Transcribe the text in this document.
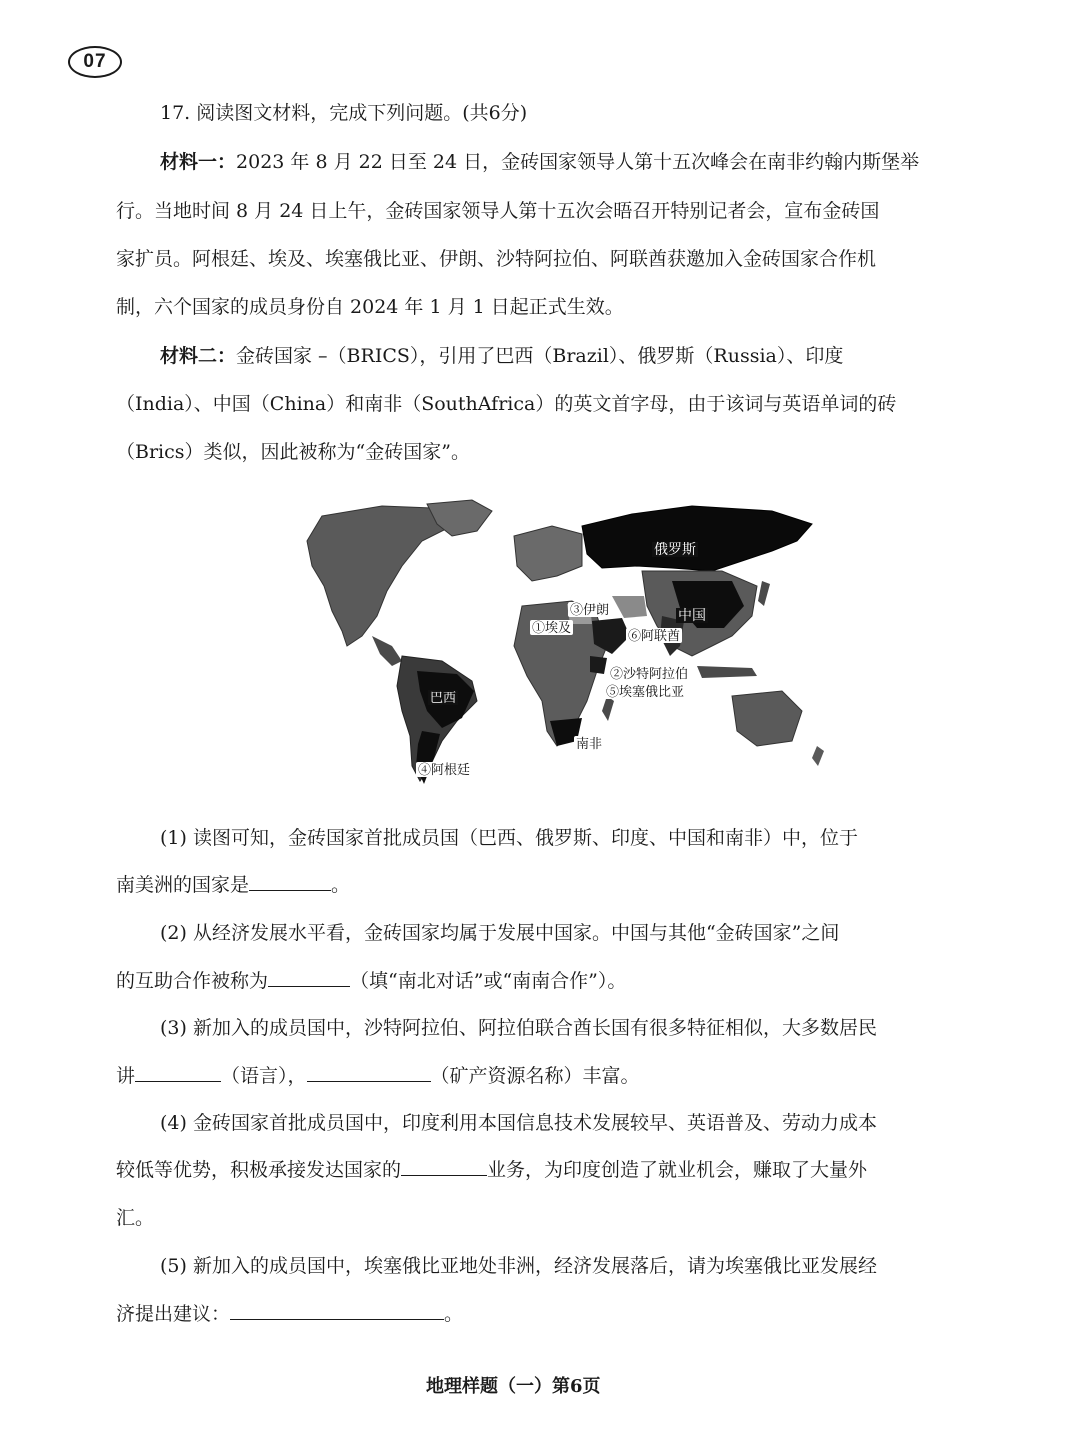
07
17. 阅读图文材料，完成下列问题。(共6分)
材料一：2023 年 8 月 22 日至 24 日，金砖国家领导人第十五次峰会在南非约翰内斯堡举
行。当地时间 8 月 24 日上午，金砖国家领导人第十五次会晤召开特别记者会，宣布金砖国
家扩员。阿根廷、埃及、埃塞俄比亚、伊朗、沙特阿拉伯、阿联酋获邀加入金砖国家合作机
制，六个国家的成员身份自 2024 年 1 月 1 日起正式生效。
材料二：金砖国家 –（BRICS），引用了巴西（Brazil）、俄罗斯（Russia）、印度
（India）、中国（China）和南非（SouthAfrica）的英文首字母，由于该词与英语单词的砖
（Brics）类似，因此被称为“金砖国家”。
俄罗斯
中国
③伊朗
①埃及
⑥阿联酋
②沙特阿拉伯
⑤埃塞俄比亚
巴西
南非
④阿根廷
(1) 读图可知，金砖国家首批成员国（巴西、俄罗斯、印度、中国和南非）中，位于
南美洲的国家是	。
(2) 从经济发展水平看，金砖国家均属于发展中国家。中国与其他“金砖国家”之间
的互助合作被称为	（填“南北对话”或“南南合作”）。
(3) 新加入的成员国中，沙特阿拉伯、阿拉伯联合酋长国有很多特征相似，大多数居民
讲	（语言），	（矿产资源名称）丰富。
(4) 金砖国家首批成员国中，印度利用本国信息技术发展较早、英语普及、劳动力成本
较低等优势，积极承接发达国家的	业务，为印度创造了就业机会，赚取了大量外
汇。
(5) 新加入的成员国中，埃塞俄比亚地处非洲，经济发展落后，请为埃塞俄比亚发展经
济提出建议：	。
地理样题（一）第6页
